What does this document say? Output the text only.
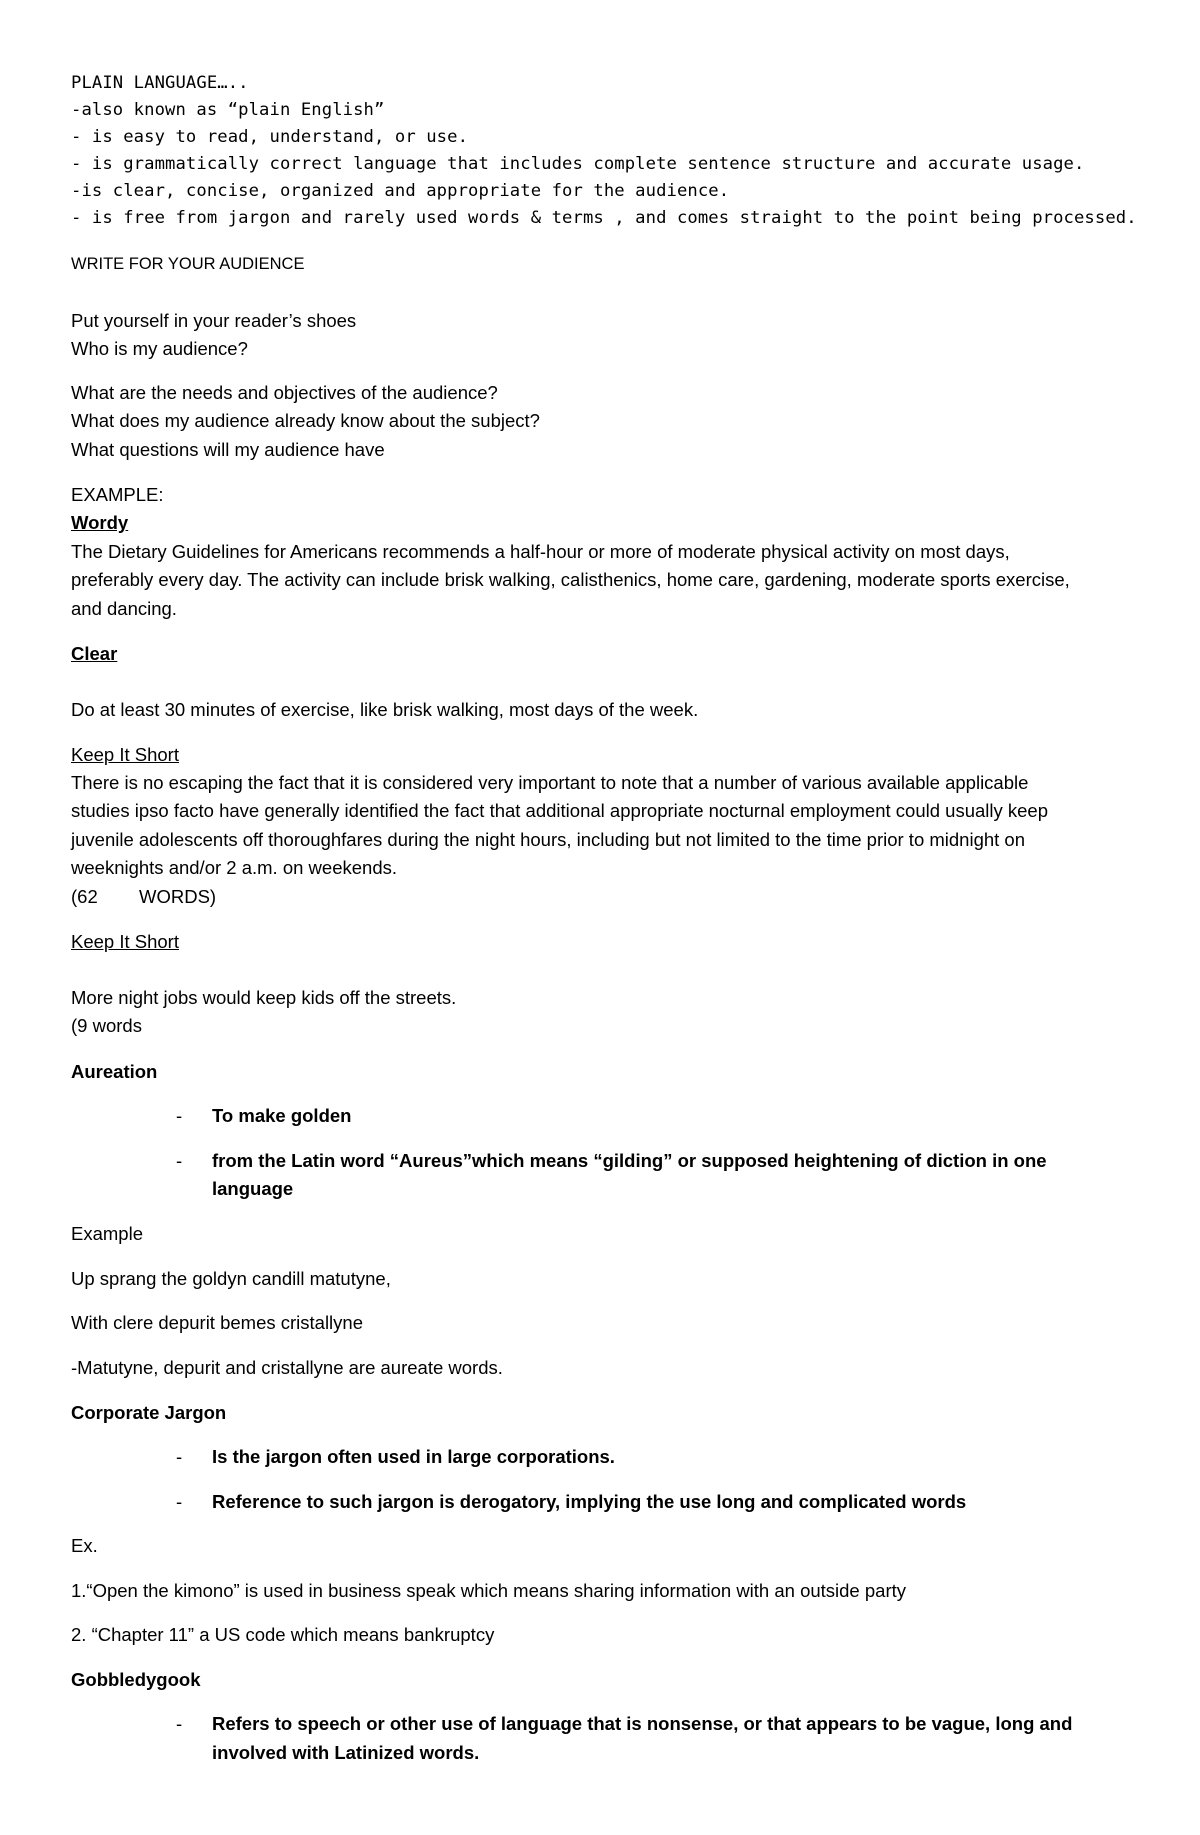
PLAIN LANGUAGE…..
-also known as “plain English”
- is easy to read, understand, or use.
- is grammatically correct language that includes complete sentence structure and accurate usage.
-is clear, concise, organized and appropriate for the audience.
- is free from jargon and rarely used words & terms , and comes straight to the point being processed.
WRITE FOR YOUR AUDIENCE
Put yourself in your reader’s shoes
Who is my audience?
What are the needs and objectives of the audience?
What does my audience already know about the subject?
What questions will my audience have
EXAMPLE:
Wordy
The Dietary Guidelines for Americans recommends a half-hour or more of moderate physical activity on most days,
preferably every day. The activity can include brisk walking, calisthenics, home care, gardening, moderate sports exercise,
and dancing.
Clear
Do at least 30 minutes of exercise, like brisk walking, most days of the week.
Keep It Short
There is no escaping the fact that it is considered very important to note that a number of various available applicable
studies ipso facto have generally identified the fact that additional appropriate nocturnal employment could usually keep
juvenile adolescents off thoroughfares during the night hours, including but not limited to the time prior to midnight on
weeknights and/or 2 a.m. on weekends.
(62 WORDS)
Keep It Short
More night jobs would keep kids off the streets.
(9 words
Aureation
- To make golden
- from the Latin word “Aureus”which means “gilding” or supposed heightening of diction in one
language
Example
Up sprang the goldyn candill matutyne,
With clere depurit bemes cristallyne
-Matutyne, depurit and cristallyne are aureate words.
Corporate Jargon
- Is the jargon often used in large corporations.
- Reference to such jargon is derogatory, implying the use long and complicated words
Ex.
1.“Open the kimono” is used in business speak which means sharing information with an outside party
2. “Chapter 11” a US code which means bankruptcy
Gobbledygook
- Refers to speech or other use of language that is nonsense, or that appears to be vague, long and
involved with Latinized words.
